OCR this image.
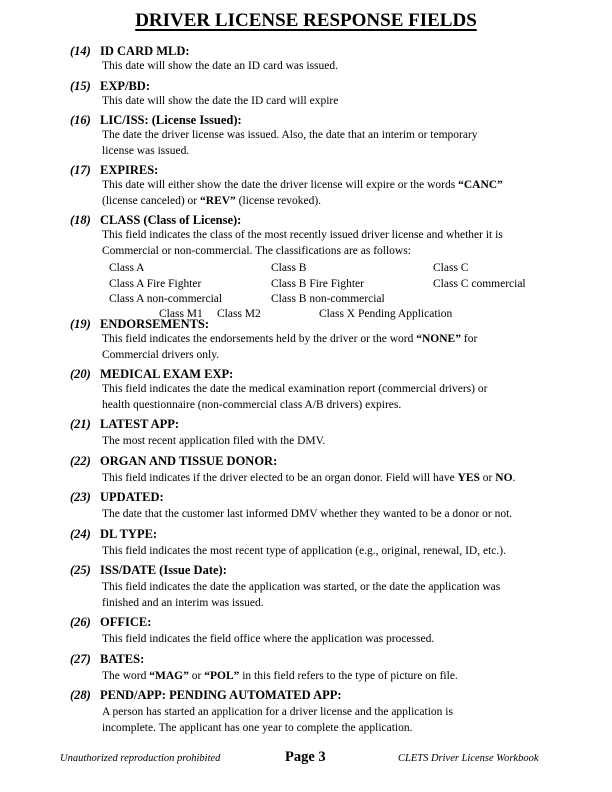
DRIVER LICENSE RESPONSE FIELDS
(14) ID CARD MLD:
This date will show the date an ID card was issued.
(15) EXP/BD:
This date will show the date the ID card will expire
(16) LIC/ISS: (License Issued):
The date the driver license was issued. Also, the date that an interim or temporary
license was issued.
(17) EXPIRES:
This date will either show the date the driver license will expire or the words “CANC”
(license canceled) or “REV” (license revoked).
(18) CLASS (Class of License):
This field indicates the class of the most recently issued driver license and whether it is
Commercial or non-commercial. The classifications are as follows:
Class A	Class B	Class C
Class A Fire Fighter	Class B Fire Fighter	Class C commercial
Class A non-commercial	Class B non-commercial
Class M1 Class M2	Class X Pending Application
(19) ENDORSEMENTS:
This field indicates the endorsements held by the driver or the word “NONE” for
Commercial drivers only.
(20) MEDICAL EXAM EXP:
This field indicates the date the medical examination report (commercial drivers) or
health questionnaire (non-commercial class A/B drivers) expires.
(21) LATEST APP:
The most recent application filed with the DMV.
(22) ORGAN AND TISSUE DONOR:
This field indicates if the driver elected to be an organ donor. Field will have YES or NO.
(23) UPDATED:
The date that the customer last informed DMV whether they wanted to be a donor or not.
(24) DL TYPE:
This field indicates the most recent type of application (e.g., original, renewal, ID, etc.).
(25) ISS/DATE (Issue Date):
This field indicates the date the application was started, or the date the application was
finished and an interim was issued.
(26) OFFICE:
This field indicates the field office where the application was processed.
(27) BATES:
The word “MAG” or “POL” in this field refers to the type of picture on file.
(28) PEND/APP: PENDING AUTOMATED APP:
A person has started an application for a driver license and the application is
incomplete. The applicant has one year to complete the application.
Unauthorized reproduction prohibited	Page 3	CLETS Driver License Workbook
